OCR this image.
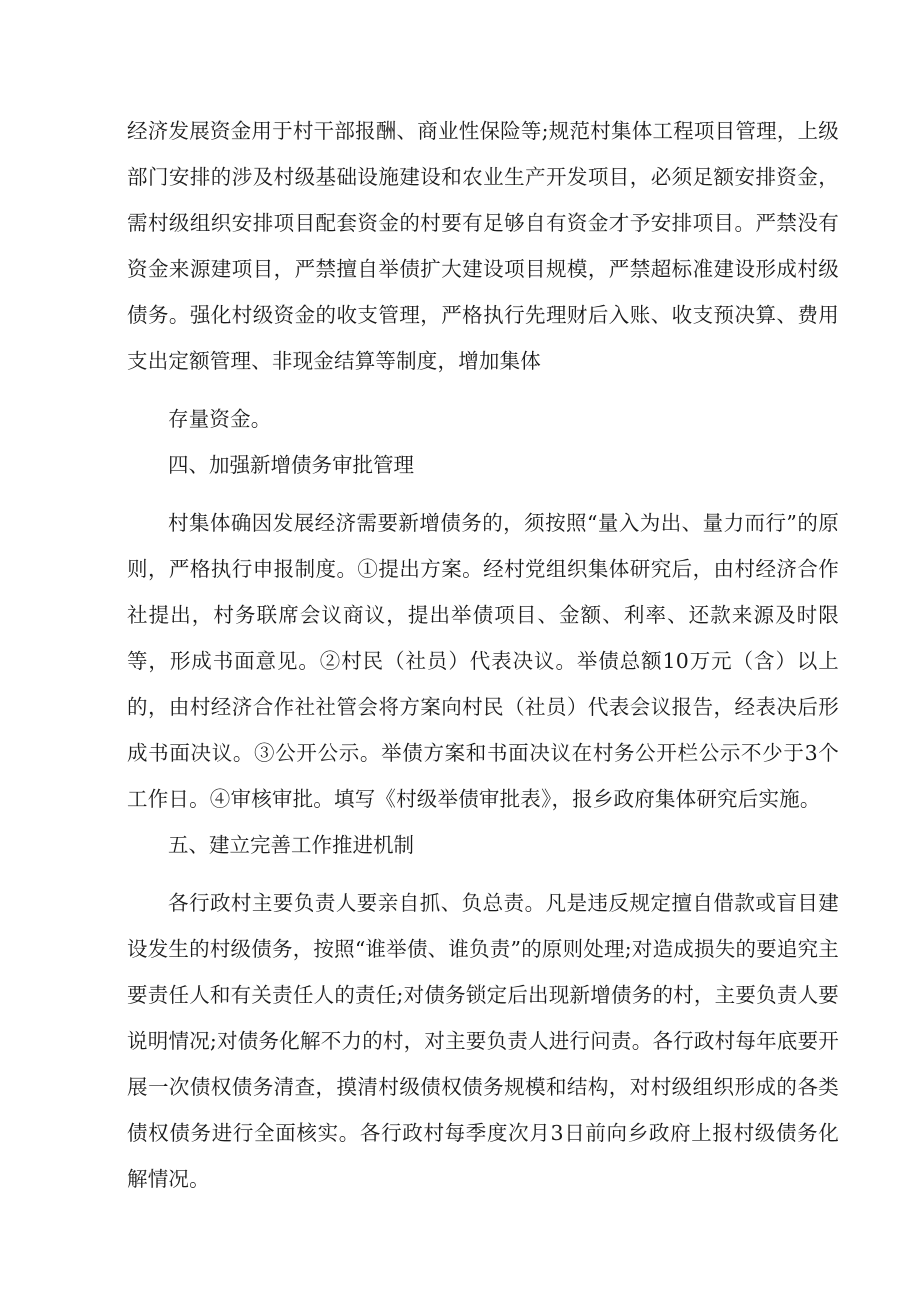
经济发展资金用于村干部报酬、商业性保险等;规范村集体工程项目管理，上级部门安排的涉及村级基础设施建设和农业生产开发项目，必须足额安排资金，需村级组织安排项目配套资金的村要有足够自有资金才予安排项目。严禁没有资金来源建项目，严禁擅自举债扩大建设项目规模，严禁超标准建设形成村级债务。强化村级资金的收支管理，严格执行先理财后入账、收支预决算、费用支出定额管理、非现金结算等制度，增加集体

存量资金。

四、加强新增债务审批管理

村集体确因发展经济需要新增债务的，须按照“量入为出、量力而行”的原则，严格执行申报制度。①提出方案。经村党组织集体研究后，由村经济合作社提出，村务联席会议商议，提出举债项目、金额、利率、还款来源及时限等，形成书面意见。②村民（社员）代表决议。举债总额10万元（含）以上的，由村经济合作社社管会将方案向村民（社员）代表会议报告，经表决后形成书面决议。③公开公示。举债方案和书面决议在村务公开栏公示不少于3个工作日。④审核审批。填写《村级举债审批表》，报乡政府集体研究后实施。

五、建立完善工作推进机制

各行政村主要负责人要亲自抓、负总责。凡是违反规定擅自借款或盲目建设发生的村级债务，按照“谁举债、谁负责”的原则处理;对造成损失的要追究主要责任人和有关责任人的责任;对债务锁定后出现新增债务的村，主要负责人要说明情况;对债务化解不力的村，对主要负责人进行问责。各行政村每年底要开展一次债权债务清查，摸清村级债权债务规模和结构，对村级组织形成的各类债权债务进行全面核实。各行政村每季度次月3日前向乡政府上报村级债务化解情况。
